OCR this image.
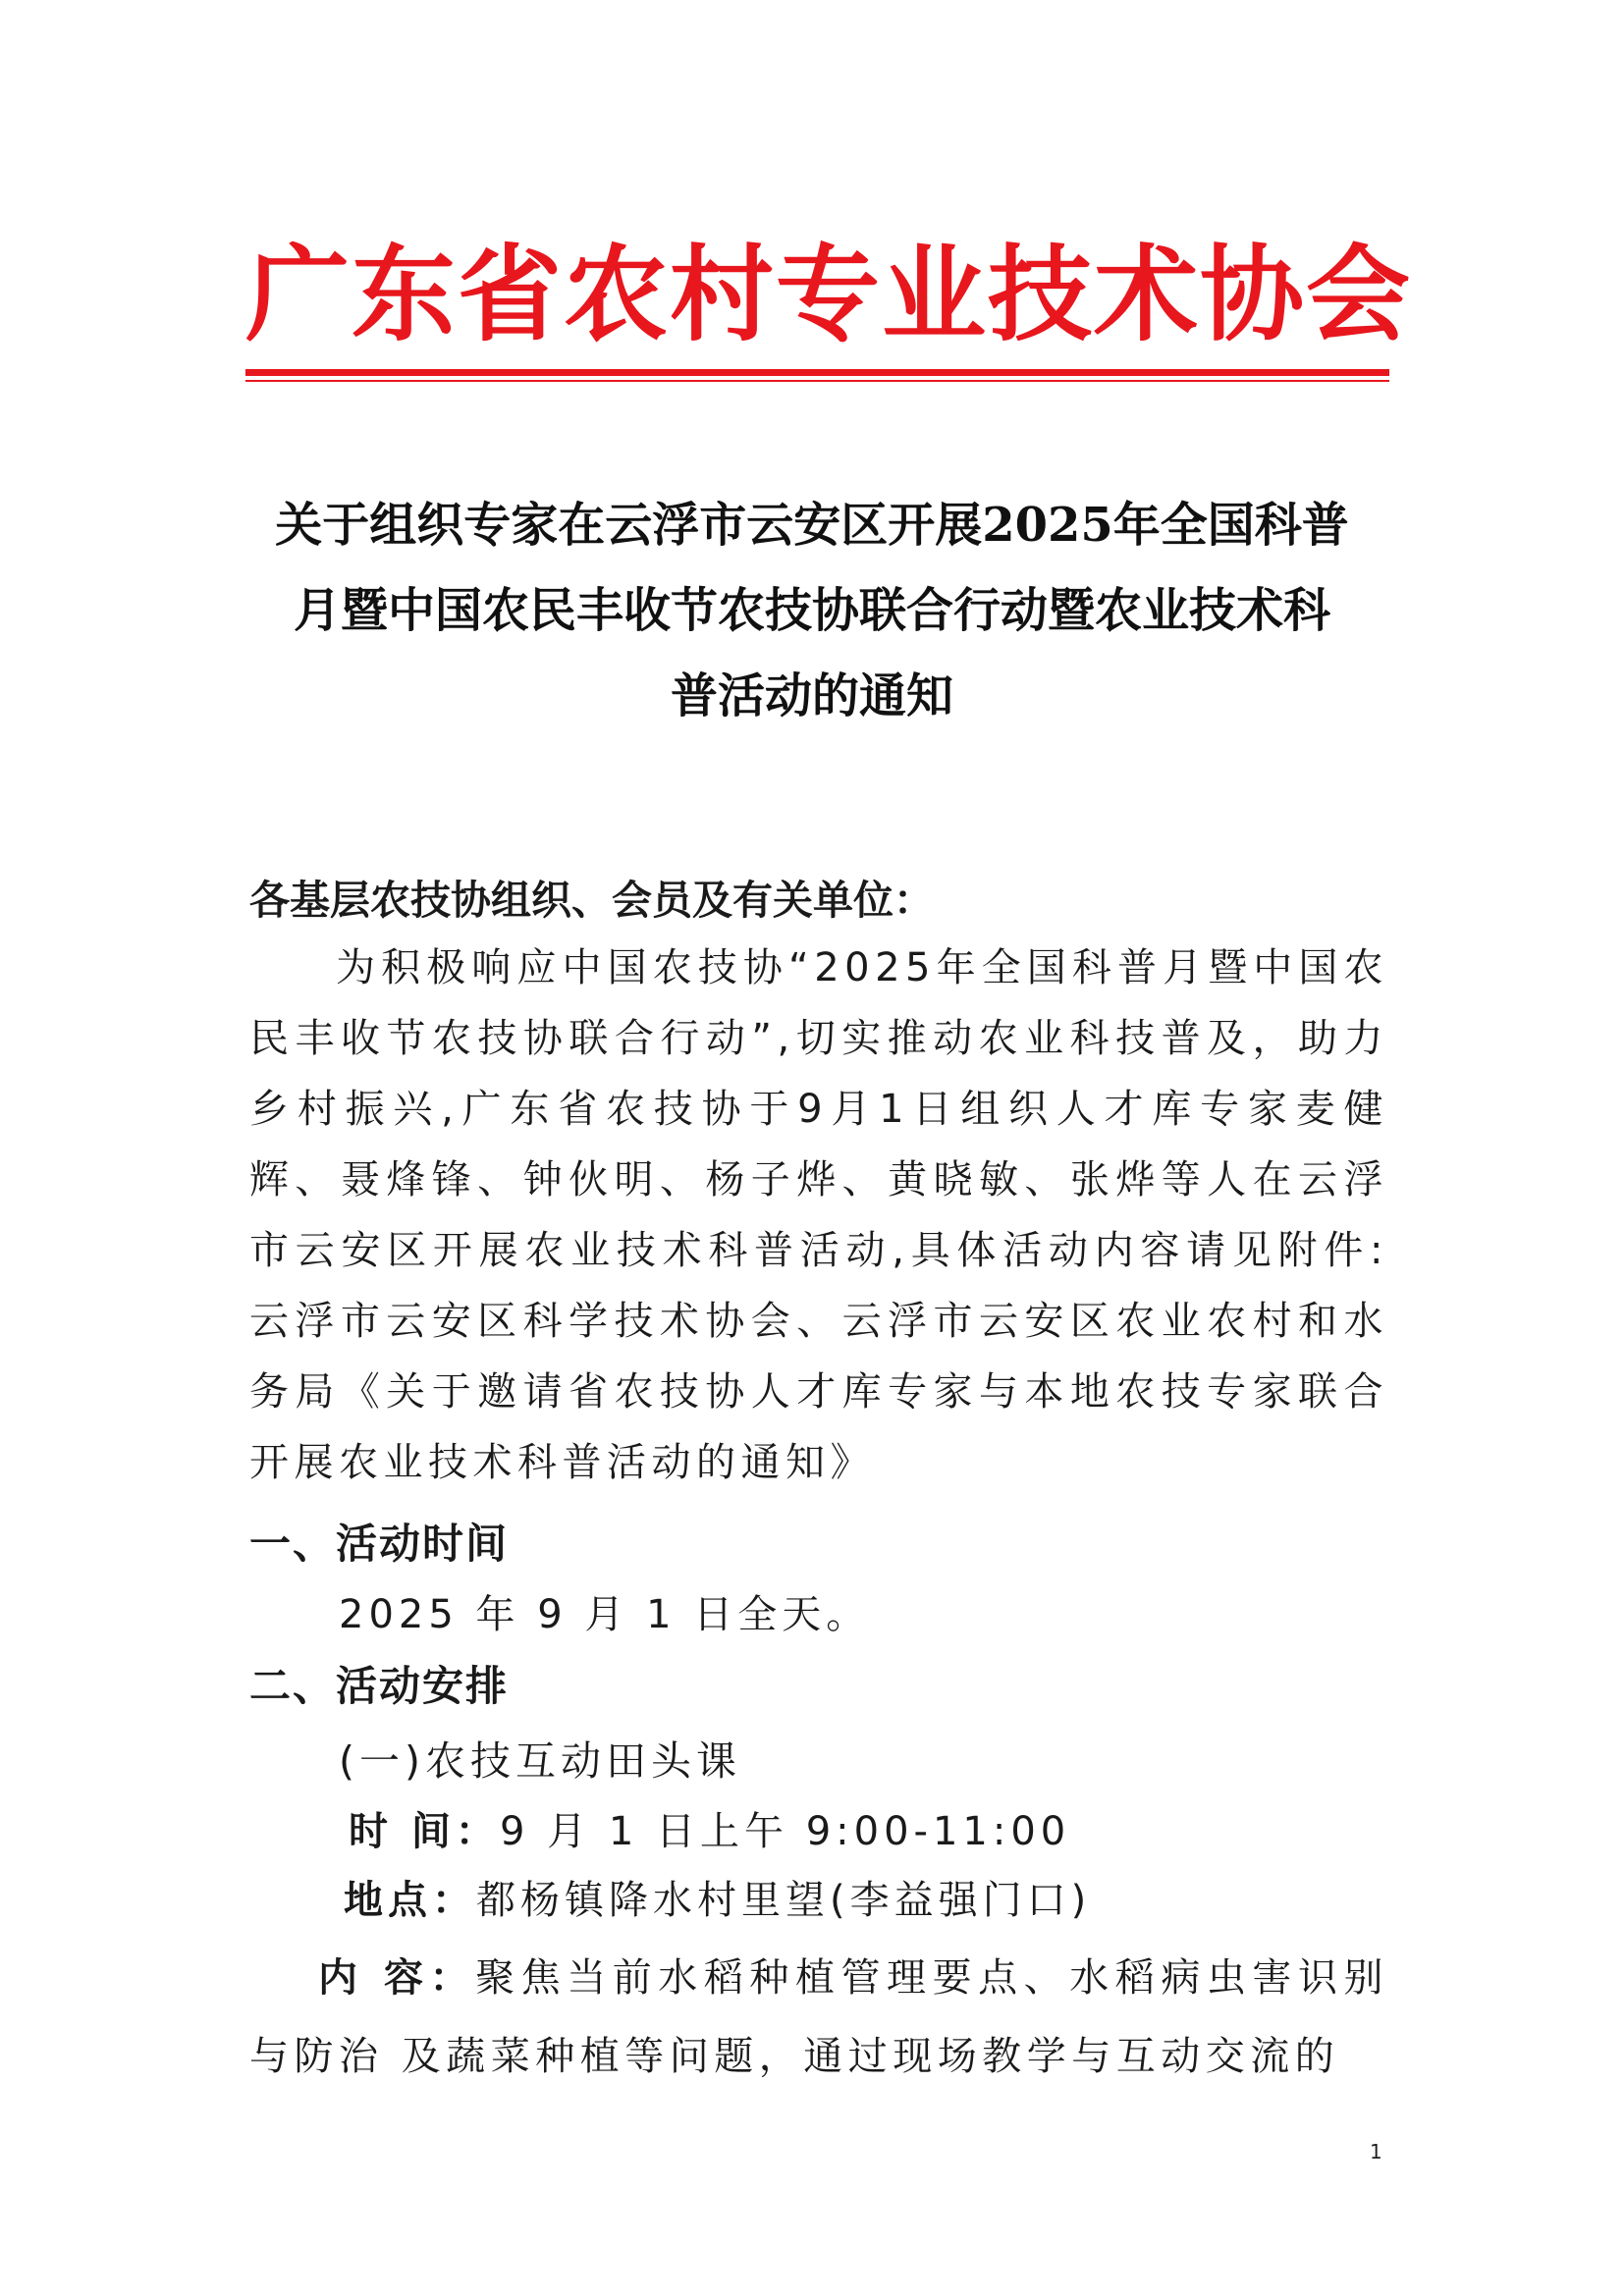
广东省农村专业技术协会
关于组织专家在云浮市云安区开展2025年全国科普
月暨中国农民丰收节农技协联合行动暨农业技术科
普活动的通知
各基层农技协组织、会员及有关单位：
为积极响应中国农技协“2025年全国科普月暨中国农民丰收节农技协联合行动”,切实推动农业科技普及，助力乡村振兴,广东省农技协于9月1日组织人才库专家麦健辉、聂烽锋、钟伙明、杨子烨、黄晓敏、张烨等人在云浮市云安区开展农业技术科普活动,具体活动内容请见附件:云浮市云安区科学技术协会、云浮市云安区农业农村和水务局《关于邀请省农技协人才库专家与本地农技专家联合开展农业技术科普活动的通知》
一、活动时间
2025 年 9 月 1 日全天。
二、活动安排
(一)农技互动田头课
时 间：9 月 1 日上午 9:00-11:00
地点：都杨镇降水村里望(李益强门口)
内 容：聚焦当前水稻种植管理要点、水稻病虫害识别与防治 及蔬菜种植等问题，通过现场教学与互动交流的
1
